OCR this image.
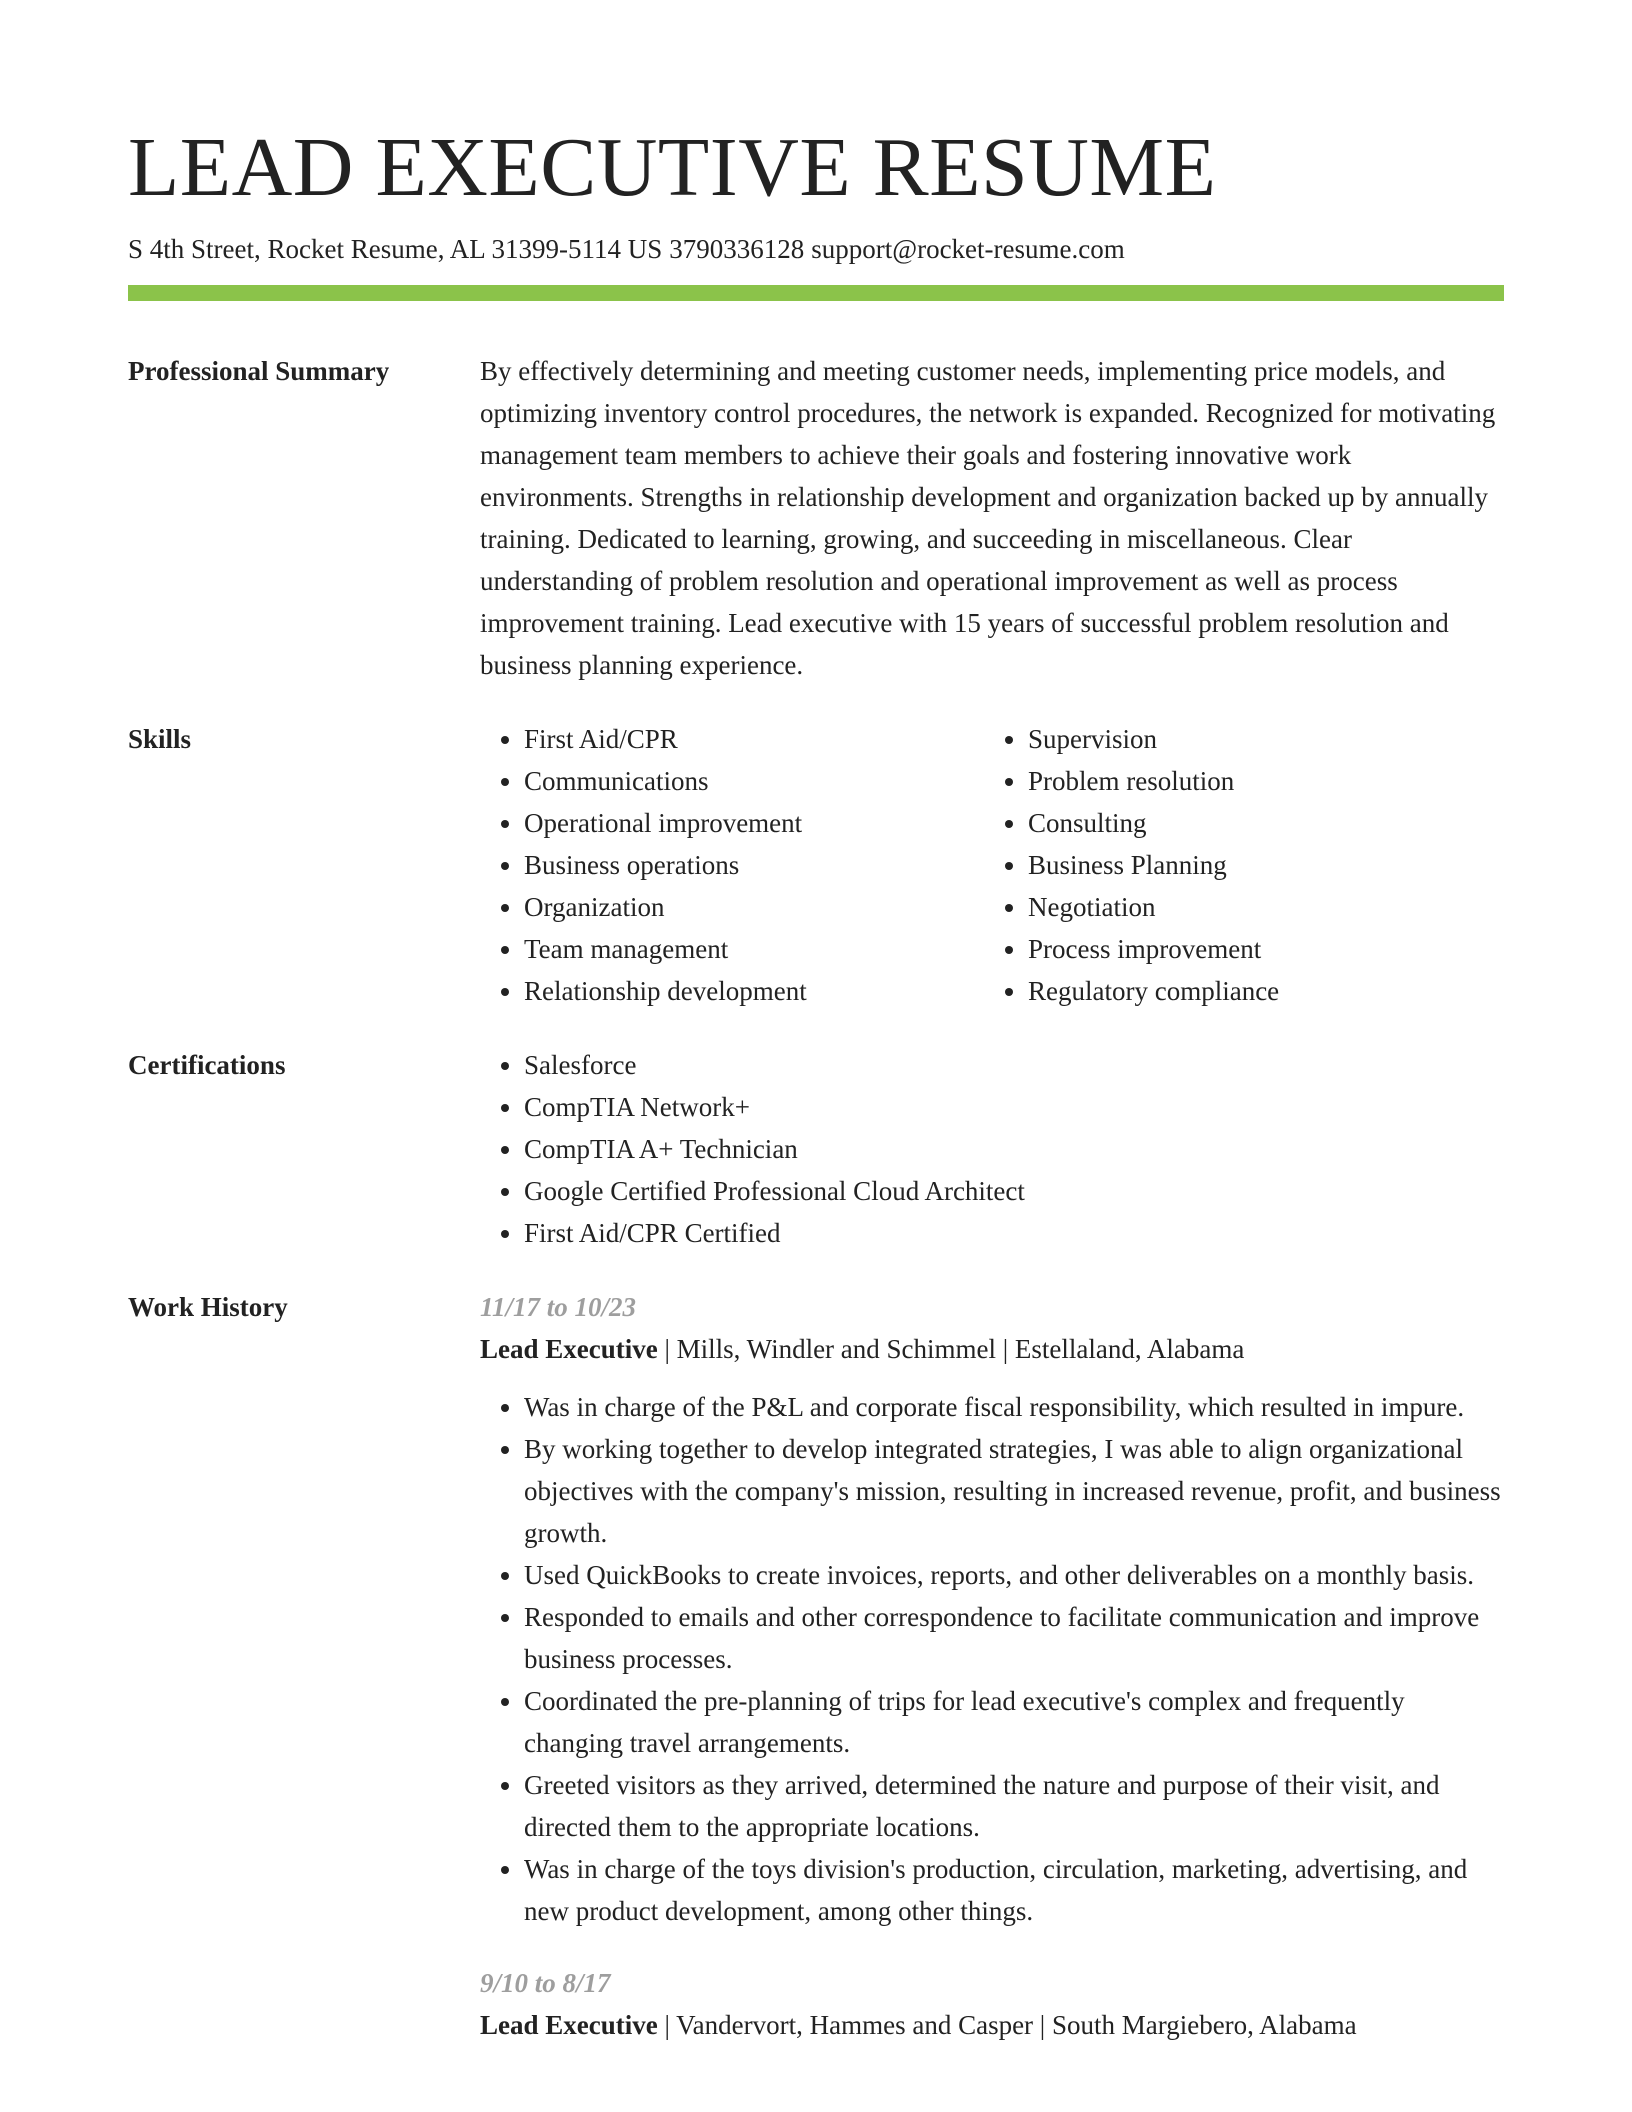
LEAD EXECUTIVE RESUME
S 4th Street, Rocket Resume, AL 31399-5114 US 3790336128 support@rocket-resume.com
Professional Summary	By effectively determining and meeting customer needs, implementing price models, and optimizing inventory control procedures, the network is expanded. Recognized for motivating management team members to achieve their goals and fostering innovative work environments. Strengths in relationship development and organization backed up by annually training. Dedicated to learning, growing, and succeeding in miscellaneous. Clear understanding of problem resolution and operational improvement as well as process improvement training. Lead executive with 15 years of successful problem resolution and business planning experience.

Skills	• First Aid/CPR
• Communications
• Operational improvement
• Business operations
• Organization
• Team management
• Relationship development
• Supervision
• Problem resolution
• Consulting
• Business Planning
• Negotiation
• Process improvement
• Regulatory compliance
Certifications	• Salesforce
• CompTIA Network+
• CompTIA A+ Technician
• Google Certified Professional Cloud Architect
• First Aid/CPR Certified
Work History	11/17 to 10/23
Lead Executive | Mills, Windler and Schimmel | Estellaland, Alabama
• Was in charge of the P&L and corporate fiscal responsibility, which resulted in impure.
• By working together to develop integrated strategies, I was able to align organizational objectives with the company's mission, resulting in increased revenue, profit, and business growth.
• Used QuickBooks to create invoices, reports, and other deliverables on a monthly basis.
• Responded to emails and other correspondence to facilitate communication and improve business processes.
• Coordinated the pre-planning of trips for lead executive's complex and frequently changing travel arrangements.
• Greeted visitors as they arrived, determined the nature and purpose of their visit, and directed them to the appropriate locations.
• Was in charge of the toys division's production, circulation, marketing, advertising, and new product development, among other things.
9/10 to 8/17
Lead Executive | Vandervort, Hammes and Casper | South Margiebero, Alabama
